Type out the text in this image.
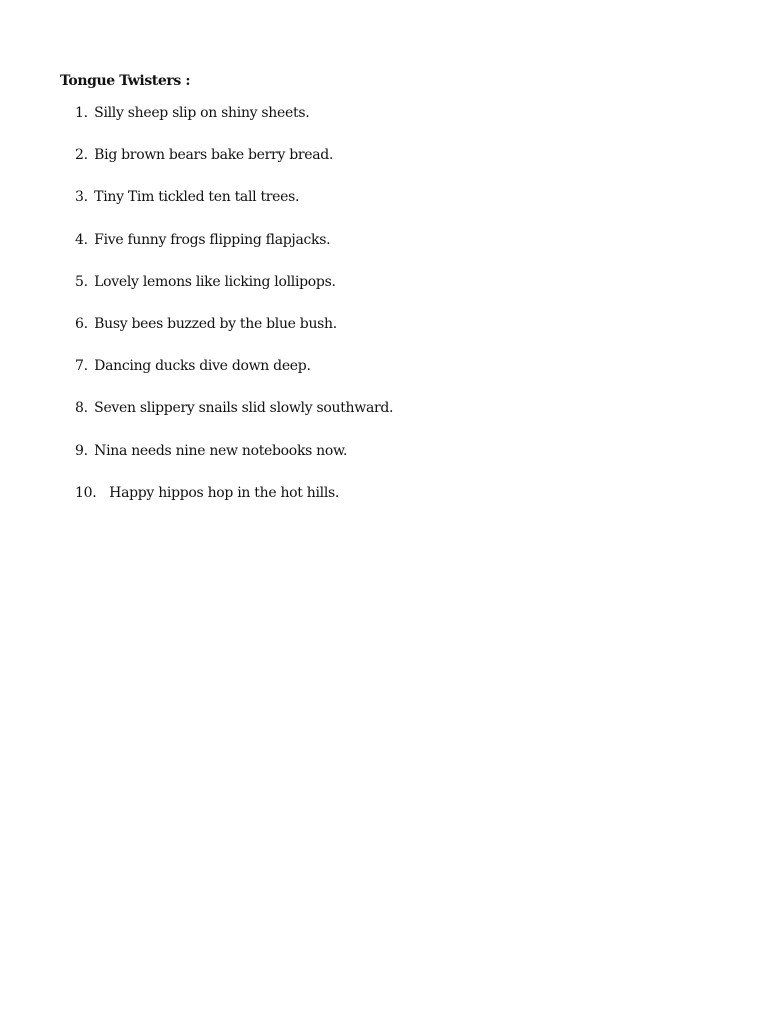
Tongue Twisters :
1. Silly sheep slip on shiny sheets.
2. Big brown bears bake berry bread.
3. Tiny Tim tickled ten tall trees.
4. Five funny frogs flipping flapjacks.
5. Lovely lemons like licking lollipops.
6. Busy bees buzzed by the blue bush.
7. Dancing ducks dive down deep.
8. Seven slippery snails slid slowly southward.
9. Nina needs nine new notebooks now.
10. Happy hippos hop in the hot hills.
